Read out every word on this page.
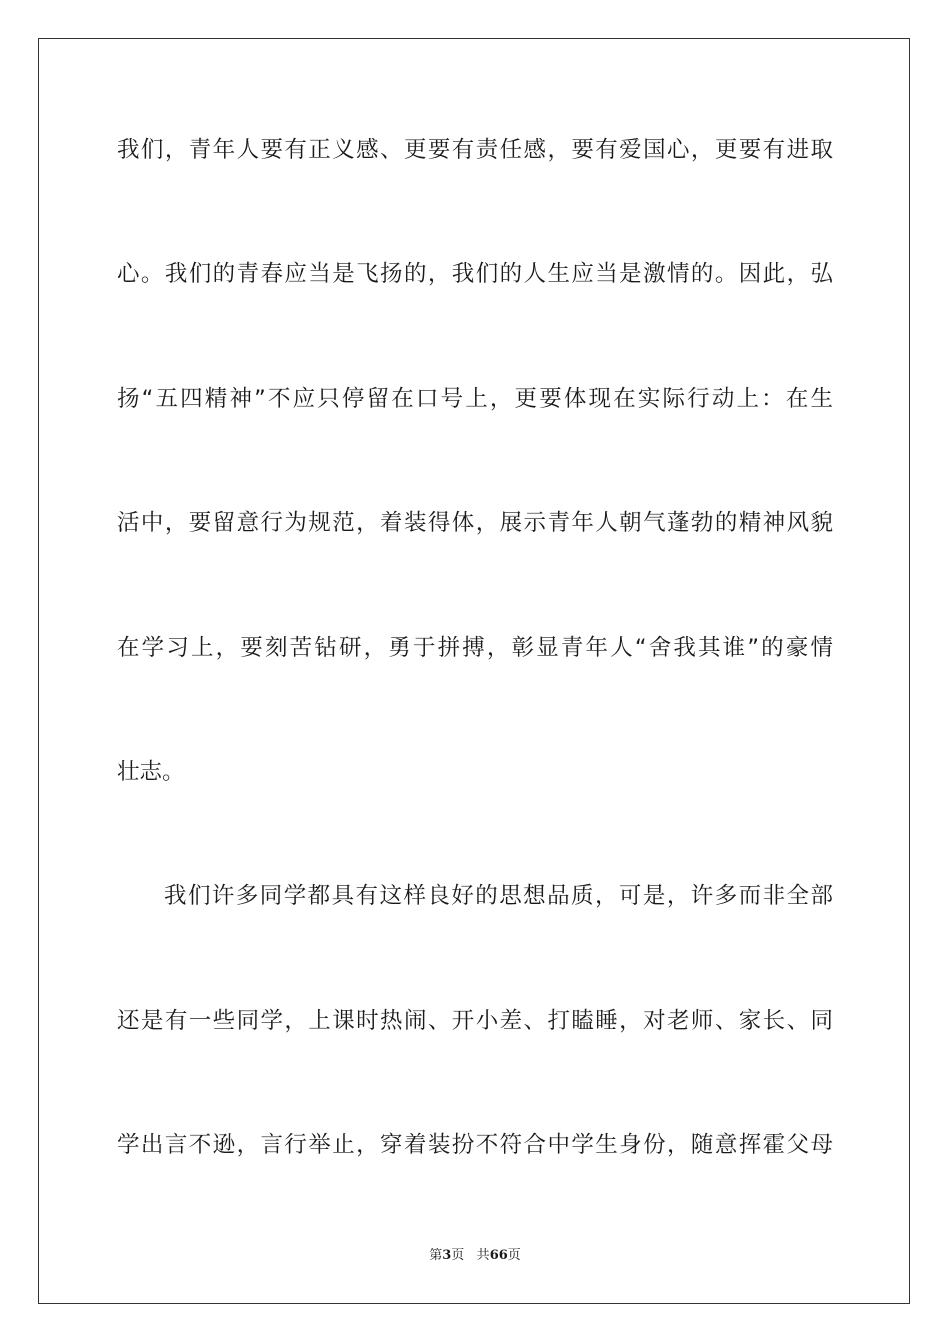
我们，青年人要有正义感、更要有责任感，要有爱国心，更要有进取
心。我们的青春应当是飞扬的，我们的人生应当是激情的。因此，弘
扬“五四精神”不应只停留在口号上，更要体现在实际行动上：在生
活中，要留意行为规范，着装得体，展示青年人朝气蓬勃的精神风貌
在学习上，要刻苦钻研，勇于拼搏，彰显青年人“舍我其谁”的豪情
壮志。
我们许多同学都具有这样良好的思想品质，可是，许多而非全部
还是有一些同学，上课时热闹、开小差、打瞌睡，对老师、家长、同
学出言不逊，言行举止，穿着装扮不符合中学生身份，随意挥霍父母
第3页 共66页
